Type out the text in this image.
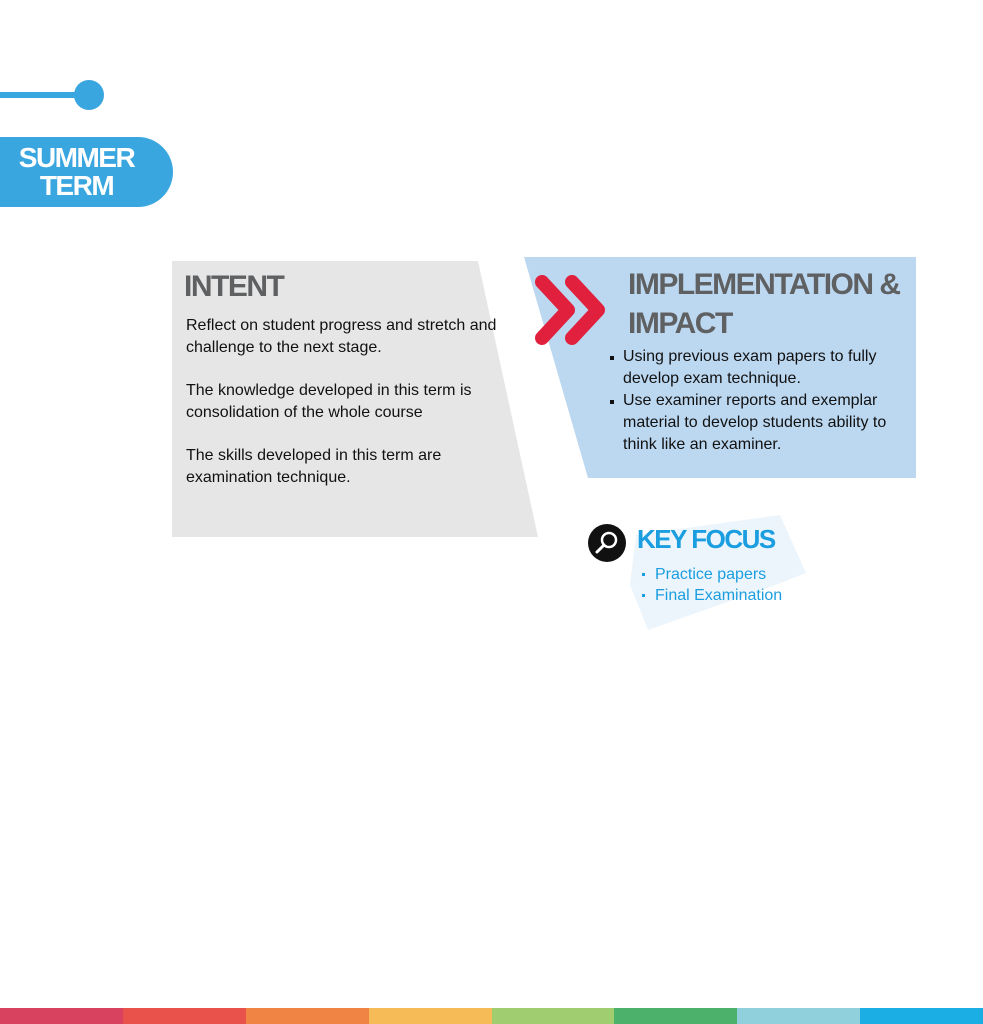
SUMMER
TERM
INTENT

Reflect on student progress and stretch and challenge to the next stage.

The knowledge developed in this term is consolidation of the whole course

The skills developed in this term are examination technique.

IMPLEMENTATION &
IMPACT
Using previous exam papers to fully develop exam technique.
Use examiner reports and exemplar material to develop students ability to think like an examiner.
KEY FOCUS
Practice papers
Final Examination
